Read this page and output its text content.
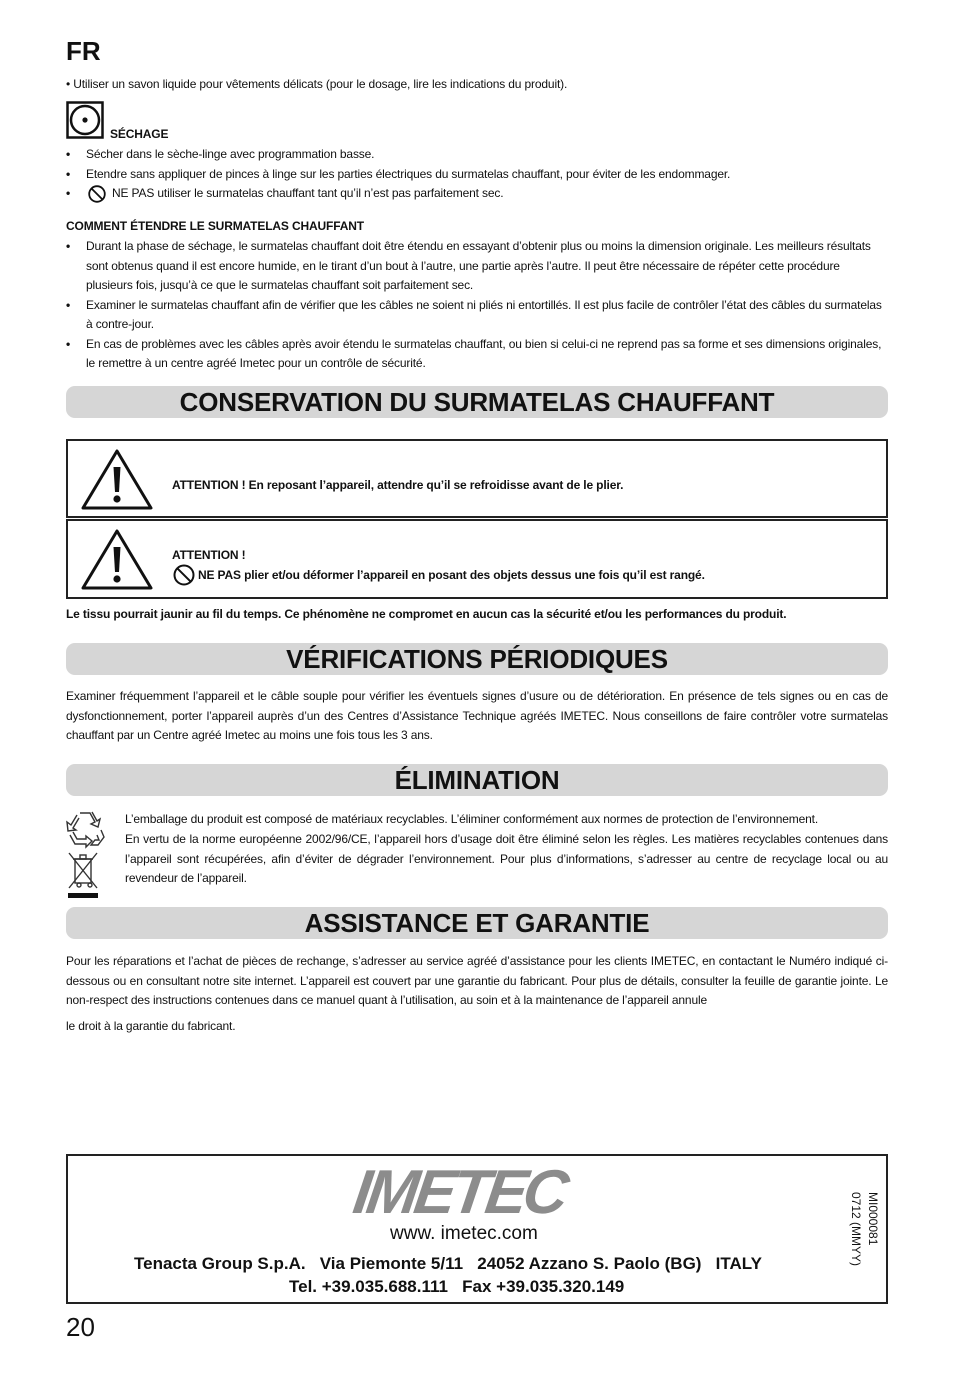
FR
• Utiliser un savon liquide pour vêtements délicats (pour le dosage, lire les indications du produit).
SÉCHAGE
• Sécher dans le sèche-linge avec programmation basse.
• Etendre sans appliquer de pinces à linge sur les parties électriques du surmatelas chauffant, pour éviter de les endommager.
• NE PAS utiliser le surmatelas chauffant tant qu’il n’est pas parfaitement sec.
COMMENT ÉTENDRE LE SURMATELAS CHAUFFANT
• Durant la phase de séchage, le surmatelas chauffant doit être étendu en essayant d’obtenir plus ou moins la dimension originale. Les meilleurs résultats sont obtenus quand il est encore humide, en le tirant d’un bout à l’autre, une partie après l’autre. Il peut être nécessaire de répéter cette procédure plusieurs fois, jusqu’à ce que le surmatelas chauffant soit parfaitement sec.
• Examiner le surmatelas chauffant afin de vérifier que les câbles ne soient ni pliés ni entortillés. Il est plus facile de contrôler l’état des câbles du surmatelas à contre-jour.
• En cas de problèmes avec les câbles après avoir étendu le surmatelas chauffant, ou bien si celui-ci ne reprend pas sa forme et ses dimensions originales, le remettre à un centre agréé Imetec pour un contrôle de sécurité.
CONSERVATION DU SURMATELAS CHAUFFANT
ATTENTION ! En reposant l’appareil, attendre qu’il se refroidisse avant de le plier.
ATTENTION !
NE PAS plier et/ou déformer l’appareil en posant des objets dessus une fois qu’il est rangé.
Le tissu pourrait jaunir au fil du temps. Ce phénomène ne compromet en aucun cas la sécurité et/ou les performances du produit.
VÉRIFICATIONS PÉRIODIQUES
Examiner fréquemment l’appareil et le câble souple pour vérifier les éventuels signes d’usure ou de détérioration. En présence de tels signes ou en cas de dysfonctionnement, porter l’appareil auprès d’un des Centres d’Assistance Technique agréés IMETEC. Nous conseillons de faire contrôler votre surmatelas chauffant par un Centre agréé Imetec au moins une fois tous les 3 ans.
ÉLIMINATION
L’emballage du produit est composé de matériaux recyclables. L’éliminer conformément aux normes de protection de l’environnement.
En vertu de la norme européenne 2002/96/CE, l’appareil hors d’usage doit être éliminé selon les règles. Les matières recyclables contenues dans l’appareil sont récupérées, afin d’éviter de dégrader l’environnement. Pour plus d’informations, s’adresser au centre de recyclage local ou au revendeur de l’appareil.
ASSISTANCE ET GARANTIE
Pour les réparations et l’achat de pièces de rechange, s’adresser au service agréé d’assistance pour les clients IMETEC, en contactant le Numéro indiqué ci-dessous ou en consultant notre site internet. L’appareil est couvert par une garantie du fabricant. Pour plus de détails, consulter la feuille de garantie jointe. Le non-respect des instructions contenues dans ce manuel quant à l’utilisation, au soin et à la maintenance de l’appareil annule
le droit à la garantie du fabricant.
IMETEC
www. imetec.com
Tenacta Group S.p.A.   Via Piemonte 5/11   24052 Azzano S. Paolo (BG)   ITALY
Tel. +39.035.688.111   Fax +39.035.320.149
MI000081
0712 (MMYY)
20
